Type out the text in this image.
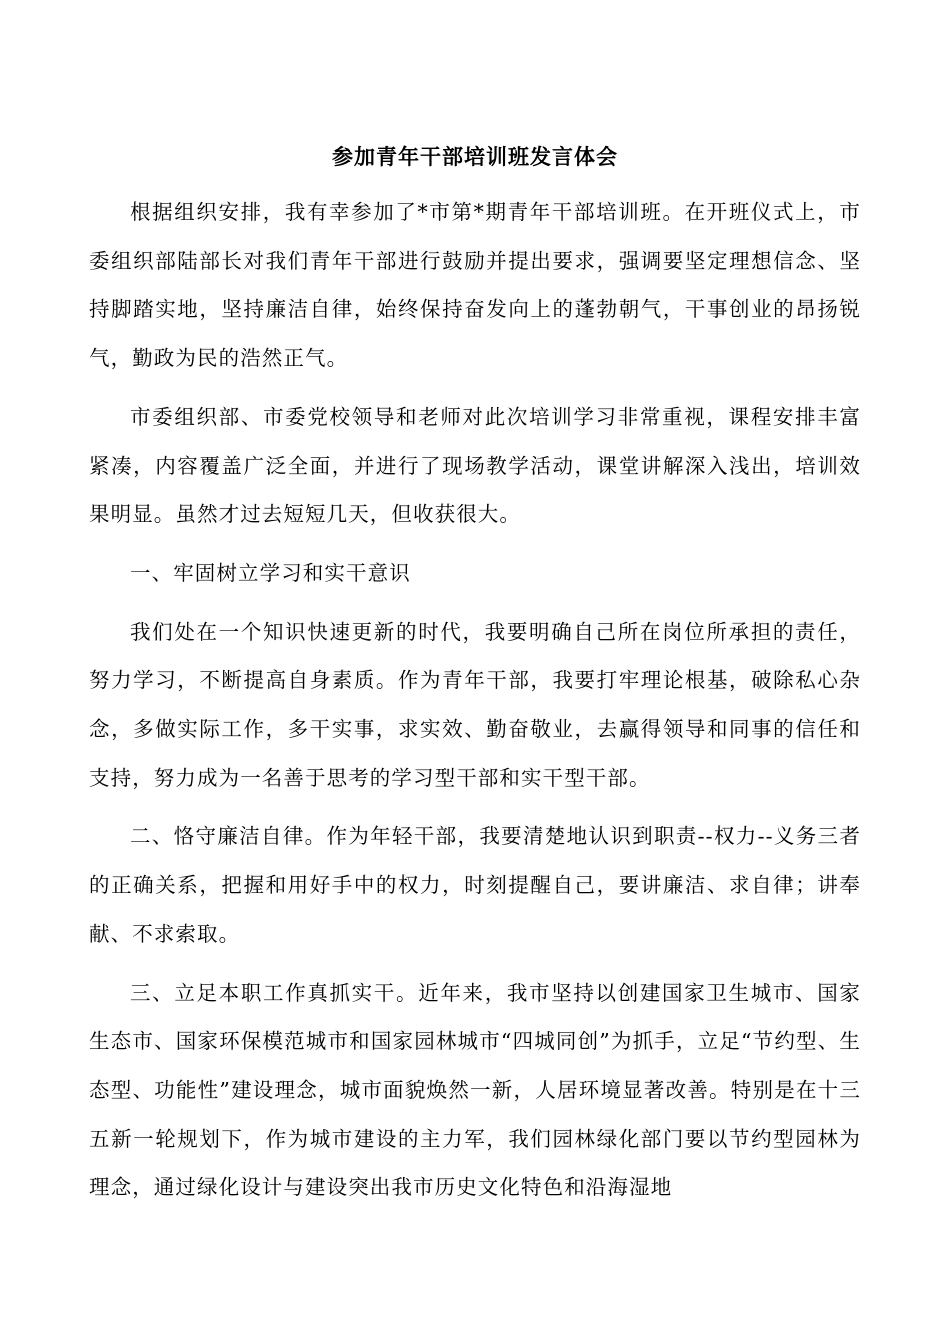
参加青年干部培训班发言体会

根据组织安排，我有幸参加了*市第*期青年干部培训班。在开班仪式上，市委组织部陆部长对我们青年干部进行鼓励并提出要求，强调要坚定理想信念、坚持脚踏实地，坚持廉洁自律，始终保持奋发向上的蓬勃朝气，干事创业的昂扬锐气，勤政为民的浩然正气。

市委组织部、市委党校领导和老师对此次培训学习非常重视，课程安排丰富紧凑，内容覆盖广泛全面，并进行了现场教学活动，课堂讲解深入浅出，培训效果明显。虽然才过去短短几天，但收获很大。

一、牢固树立学习和实干意识

我们处在一个知识快速更新的时代，我要明确自己所在岗位所承担的责任，努力学习，不断提高自身素质。作为青年干部，我要打牢理论根基，破除私心杂念，多做实际工作，多干实事，求实效、勤奋敬业，去赢得领导和同事的信任和支持，努力成为一名善于思考的学习型干部和实干型干部。

二、恪守廉洁自律。作为年轻干部，我要清楚地认识到职责--权力--义务三者的正确关系，把握和用好手中的权力，时刻提醒自己，要讲廉洁、求自律；讲奉献、不求索取。

三、立足本职工作真抓实干。近年来，我市坚持以创建国家卫生城市、国家生态市、国家环保模范城市和国家园林城市“四城同创”为抓手，立足“节约型、生态型、功能性”建设理念，城市面貌焕然一新，人居环境显著改善。特别是在十三五新一轮规划下，作为城市建设的主力军，我们园林绿化部门要以节约型园林为理念，通过绿化设计与建设突出我市历史文化特色和沿海湿地
